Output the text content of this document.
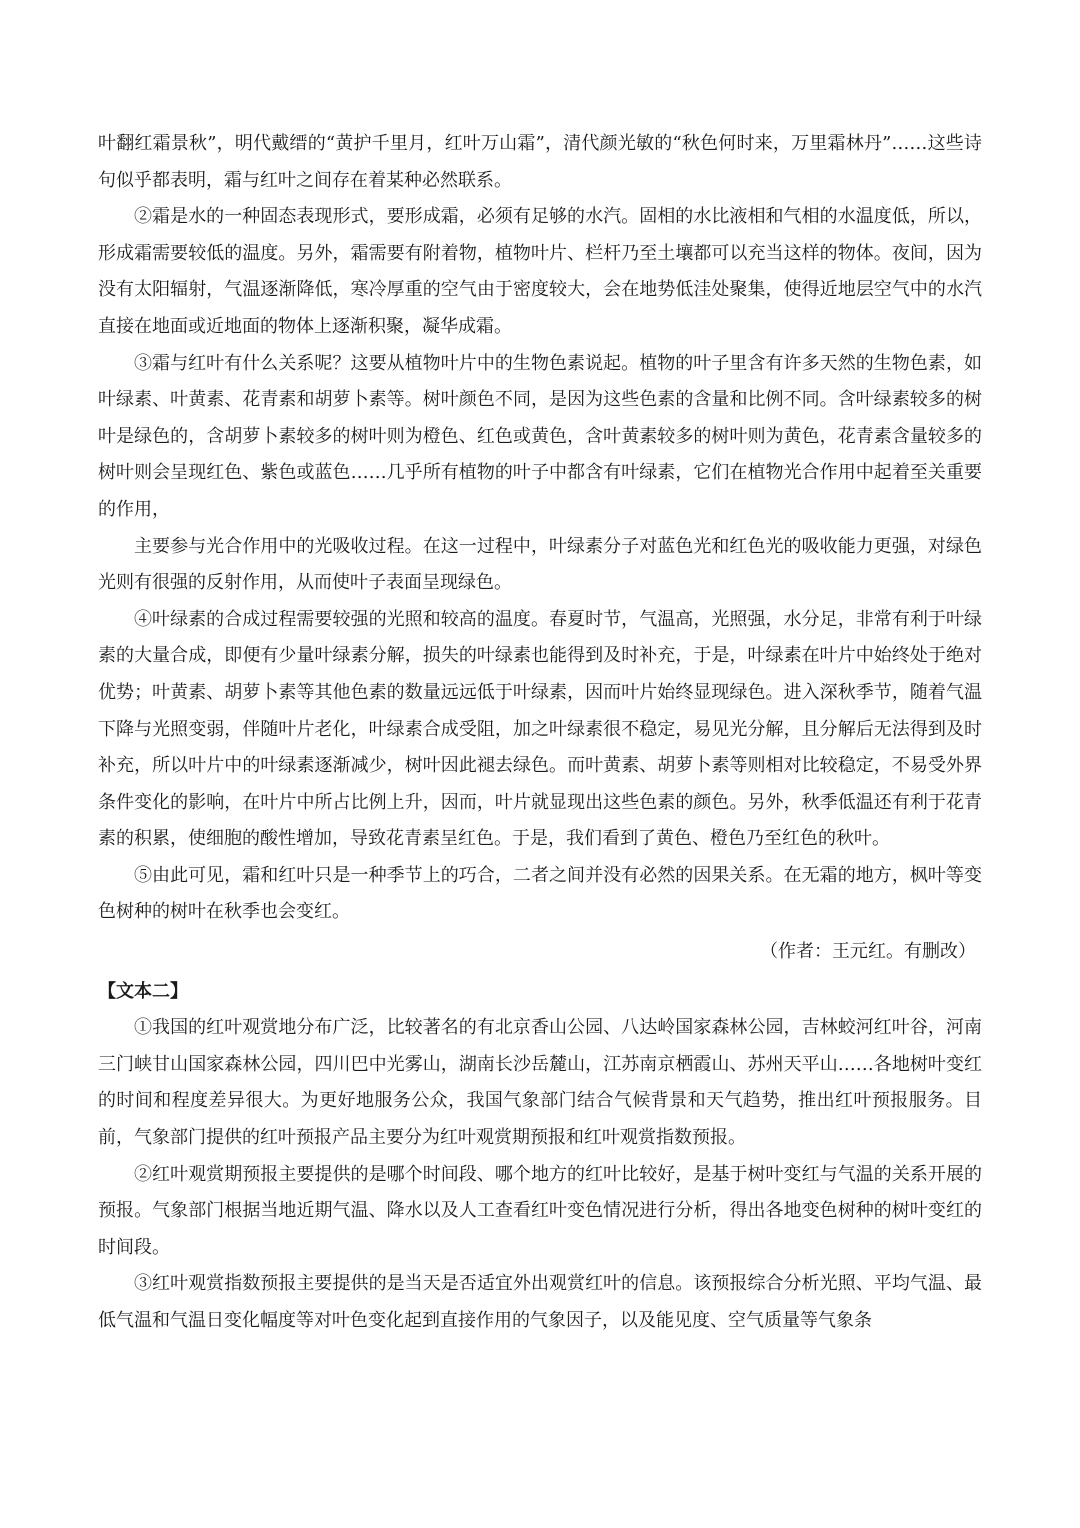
叶翻红霜景秋”，明代戴缙的“黄护千里月，红叶万山霜”，清代颜光敏的“秋色何时来，万里霜林丹”……这些诗句似乎都表明，霜与红叶之间存在着某种必然联系。

②霜是水的一种固态表现形式，要形成霜，必须有足够的水汽。固相的水比液相和气相的水温度低，所以，形成霜需要较低的温度。另外，霜需要有附着物，植物叶片、栏杆乃至土壤都可以充当这样的物体。夜间，因为没有太阳辐射，气温逐渐降低，寒冷厚重的空气由于密度较大，会在地势低洼处聚集，使得近地层空气中的水汽直接在地面或近地面的物体上逐渐积聚，凝华成霜。

③霜与红叶有什么关系呢？这要从植物叶片中的生物色素说起。植物的叶子里含有许多天然的生物色素，如叶绿素、叶黄素、花青素和胡萝卜素等。树叶颜色不同，是因为这些色素的含量和比例不同。含叶绿素较多的树叶是绿色的，含胡萝卜素较多的树叶则为橙色、红色或黄色，含叶黄素较多的树叶则为黄色，花青素含量较多的树叶则会呈现红色、紫色或蓝色……几乎所有植物的叶子中都含有叶绿素，它们在植物光合作用中起着至关重要的作用，

主要参与光合作用中的光吸收过程。在这一过程中，叶绿素分子对蓝色光和红色光的吸收能力更强，对绿色光则有很强的反射作用，从而使叶子表面呈现绿色。

④叶绿素的合成过程需要较强的光照和较高的温度。春夏时节，气温高，光照强，水分足，非常有利于叶绿素的大量合成，即便有少量叶绿素分解，损失的叶绿素也能得到及时补充，于是，叶绿素在叶片中始终处于绝对优势；叶黄素、胡萝卜素等其他色素的数量远远低于叶绿素，因而叶片始终显现绿色。进入深秋季节，随着气温下降与光照变弱，伴随叶片老化，叶绿素合成受阻，加之叶绿素很不稳定，易见光分解，且分解后无法得到及时补充，所以叶片中的叶绿素逐渐减少，树叶因此褪去绿色。而叶黄素、胡萝卜素等则相对比较稳定，不易受外界条件变化的影响，在叶片中所占比例上升，因而，叶片就显现出这些色素的颜色。另外，秋季低温还有利于花青素的积累，使细胞的酸性增加，导致花青素呈红色。于是，我们看到了黄色、橙色乃至红色的秋叶。

⑤由此可见，霜和红叶只是一种季节上的巧合，二者之间并没有必然的因果关系。在无霜的地方，枫叶等变色树种的树叶在秋季也会变红。

（作者：王元红。有删改）

【文本二】

①我国的红叶观赏地分布广泛，比较著名的有北京香山公园、八达岭国家森林公园，吉林蛟河红叶谷，河南三门峡甘山国家森林公园，四川巴中光雾山，湖南长沙岳麓山，江苏南京栖霞山、苏州天平山……各地树叶变红的时间和程度差异很大。为更好地服务公众，我国气象部门结合气候背景和天气趋势，推出红叶预报服务。目前，气象部门提供的红叶预报产品主要分为红叶观赏期预报和红叶观赏指数预报。

②红叶观赏期预报主要提供的是哪个时间段、哪个地方的红叶比较好，是基于树叶变红与气温的关系开展的预报。气象部门根据当地近期气温、降水以及人工查看红叶变色情况进行分析，得出各地变色树种的树叶变红的时间段。

③红叶观赏指数预报主要提供的是当天是否适宜外出观赏红叶的信息。该预报综合分析光照、平均气温、最低气温和气温日变化幅度等对叶色变化起到直接作用的气象因子，以及能见度、空气质量等气象条
